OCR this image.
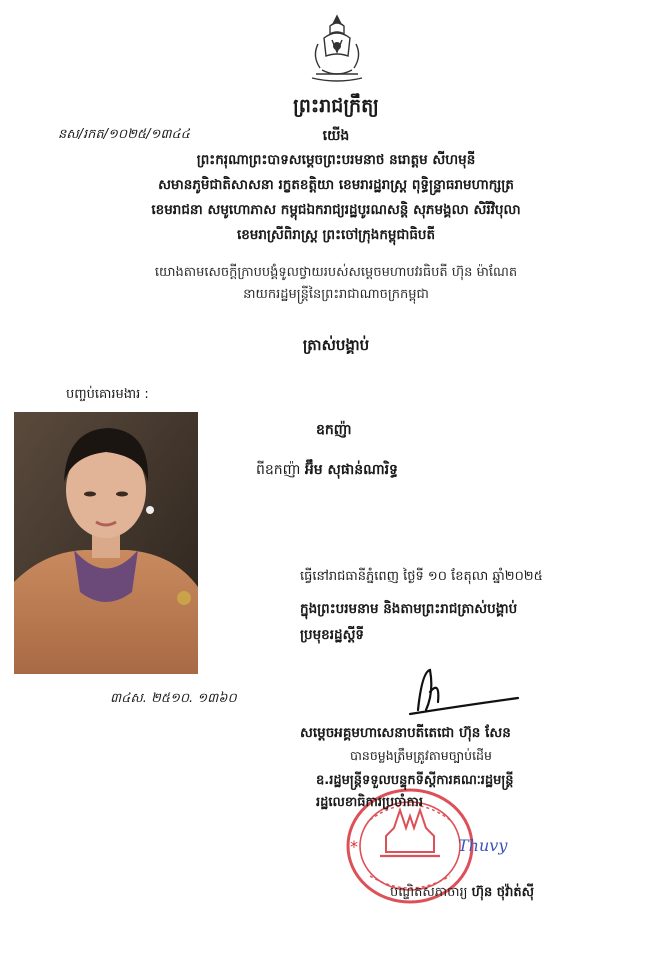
ព្រះរាជក្រឹត្យ
នស/រកត/១០២៥/១៣៤៤	យើង
ព្រះករុណាព្រះបាទសម្តេចព្រះបរមនាថ នរោត្តម សីហមុនី
សមានភូមិជាតិសាសនា រក្ខតខត្តិយា ខេមរារដ្ឋរាស្ត្រ ពុទ្ធិន្ទ្រាធរាមហាក្សត្រ
ខេមរាជនា សមូហោភាស កម្ពុជឯករាជ្យរដ្ឋបូរណសន្តិ សុភមង្គលា សិរីវិបុលា
ខេមរាស្រីពិរាស្ត្រ ព្រះចៅក្រុងកម្ពុជាធិបតី
យោងតាមសេចក្តីក្រាបបង្គំទូលថ្វាយរបស់សម្តេចមហាបវរធិបតី ហ៊ុន ម៉ាណែត
នាយករដ្ឋមន្ត្រីនៃព្រះរាជាណាចក្រកម្ពុជា
ត្រាស់បង្គាប់
បញ្ចប់គោរមងារ :
ឧកញ៉ា
ពីឧកញ៉ា អ៊ឹម សុផាន់ណារិទ្ធ
៣៤ស. ២៥១០. ១៣៦០
ធ្វើនៅរាជធានីភ្នំពេញ ថ្ងៃទី ១០ ខែតុលា ឆ្នាំ២០២៥
ក្នុងព្រះបរមនាម និងតាមព្រះរាជត្រាស់បង្គាប់
ប្រមុខរដ្ឋស្តីទី
សម្តេចអគ្គមហាសេនាបតីតេជោ ហ៊ុន សែន
បានចម្លងត្រឹមត្រូវតាមច្បាប់ដើម
*
ឧ.រដ្ឋមន្ត្រីទទួលបន្ទុកទីស្តីការគណៈរដ្ឋមន្ត្រី
រដ្ឋលេខាធិការប្រចាំការ
Thuvy
បណ្ឌិតសភាចារ្យ ហ៊ុន ថុវ៉ាត់ស៊ី
